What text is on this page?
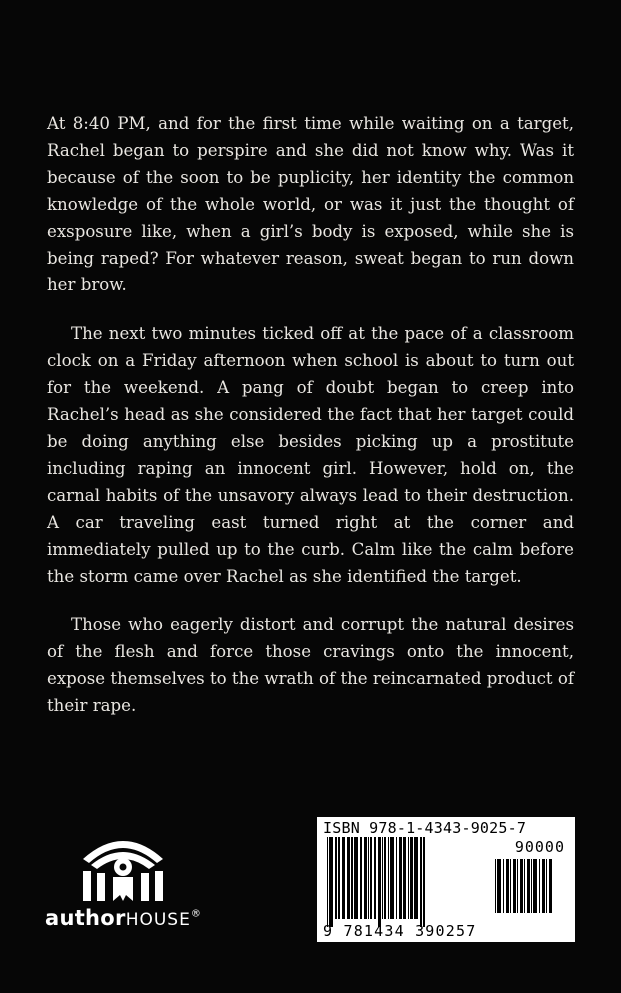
At 8:40 PM, and for the first time while waiting on a target, Rachel began to perspire and she did not know why. Was it because of the soon to be puplicity, her identity the common knowledge of the whole world, or was it just the thought of exsposure like, when a girl’s body is exposed, while she is being raped? For whatever reason, sweat began to run down her brow.

The next two minutes ticked off at the pace of a classroom clock on a Friday afternoon when school is about to turn out for the weekend. A pang of doubt began to creep into Rachel’s head as she considered the fact that her target could be doing anything else besides picking up a prostitute including raping an innocent girl. However, hold on, the carnal habits of the unsavory always lead to their destruction. A car traveling east turned right at the corner and immediately pulled up to the curb. Calm like the calm before the storm came over Rachel as she identified the target.

Those who eagerly distort and corrupt the natural desires of the flesh and force those cravings onto the innocent, expose themselves to the wrath of the reincarnated product of their rape.

authorHOUSE®
ISBN 978-1-4343-9025-7
90000
9 781434 390257
